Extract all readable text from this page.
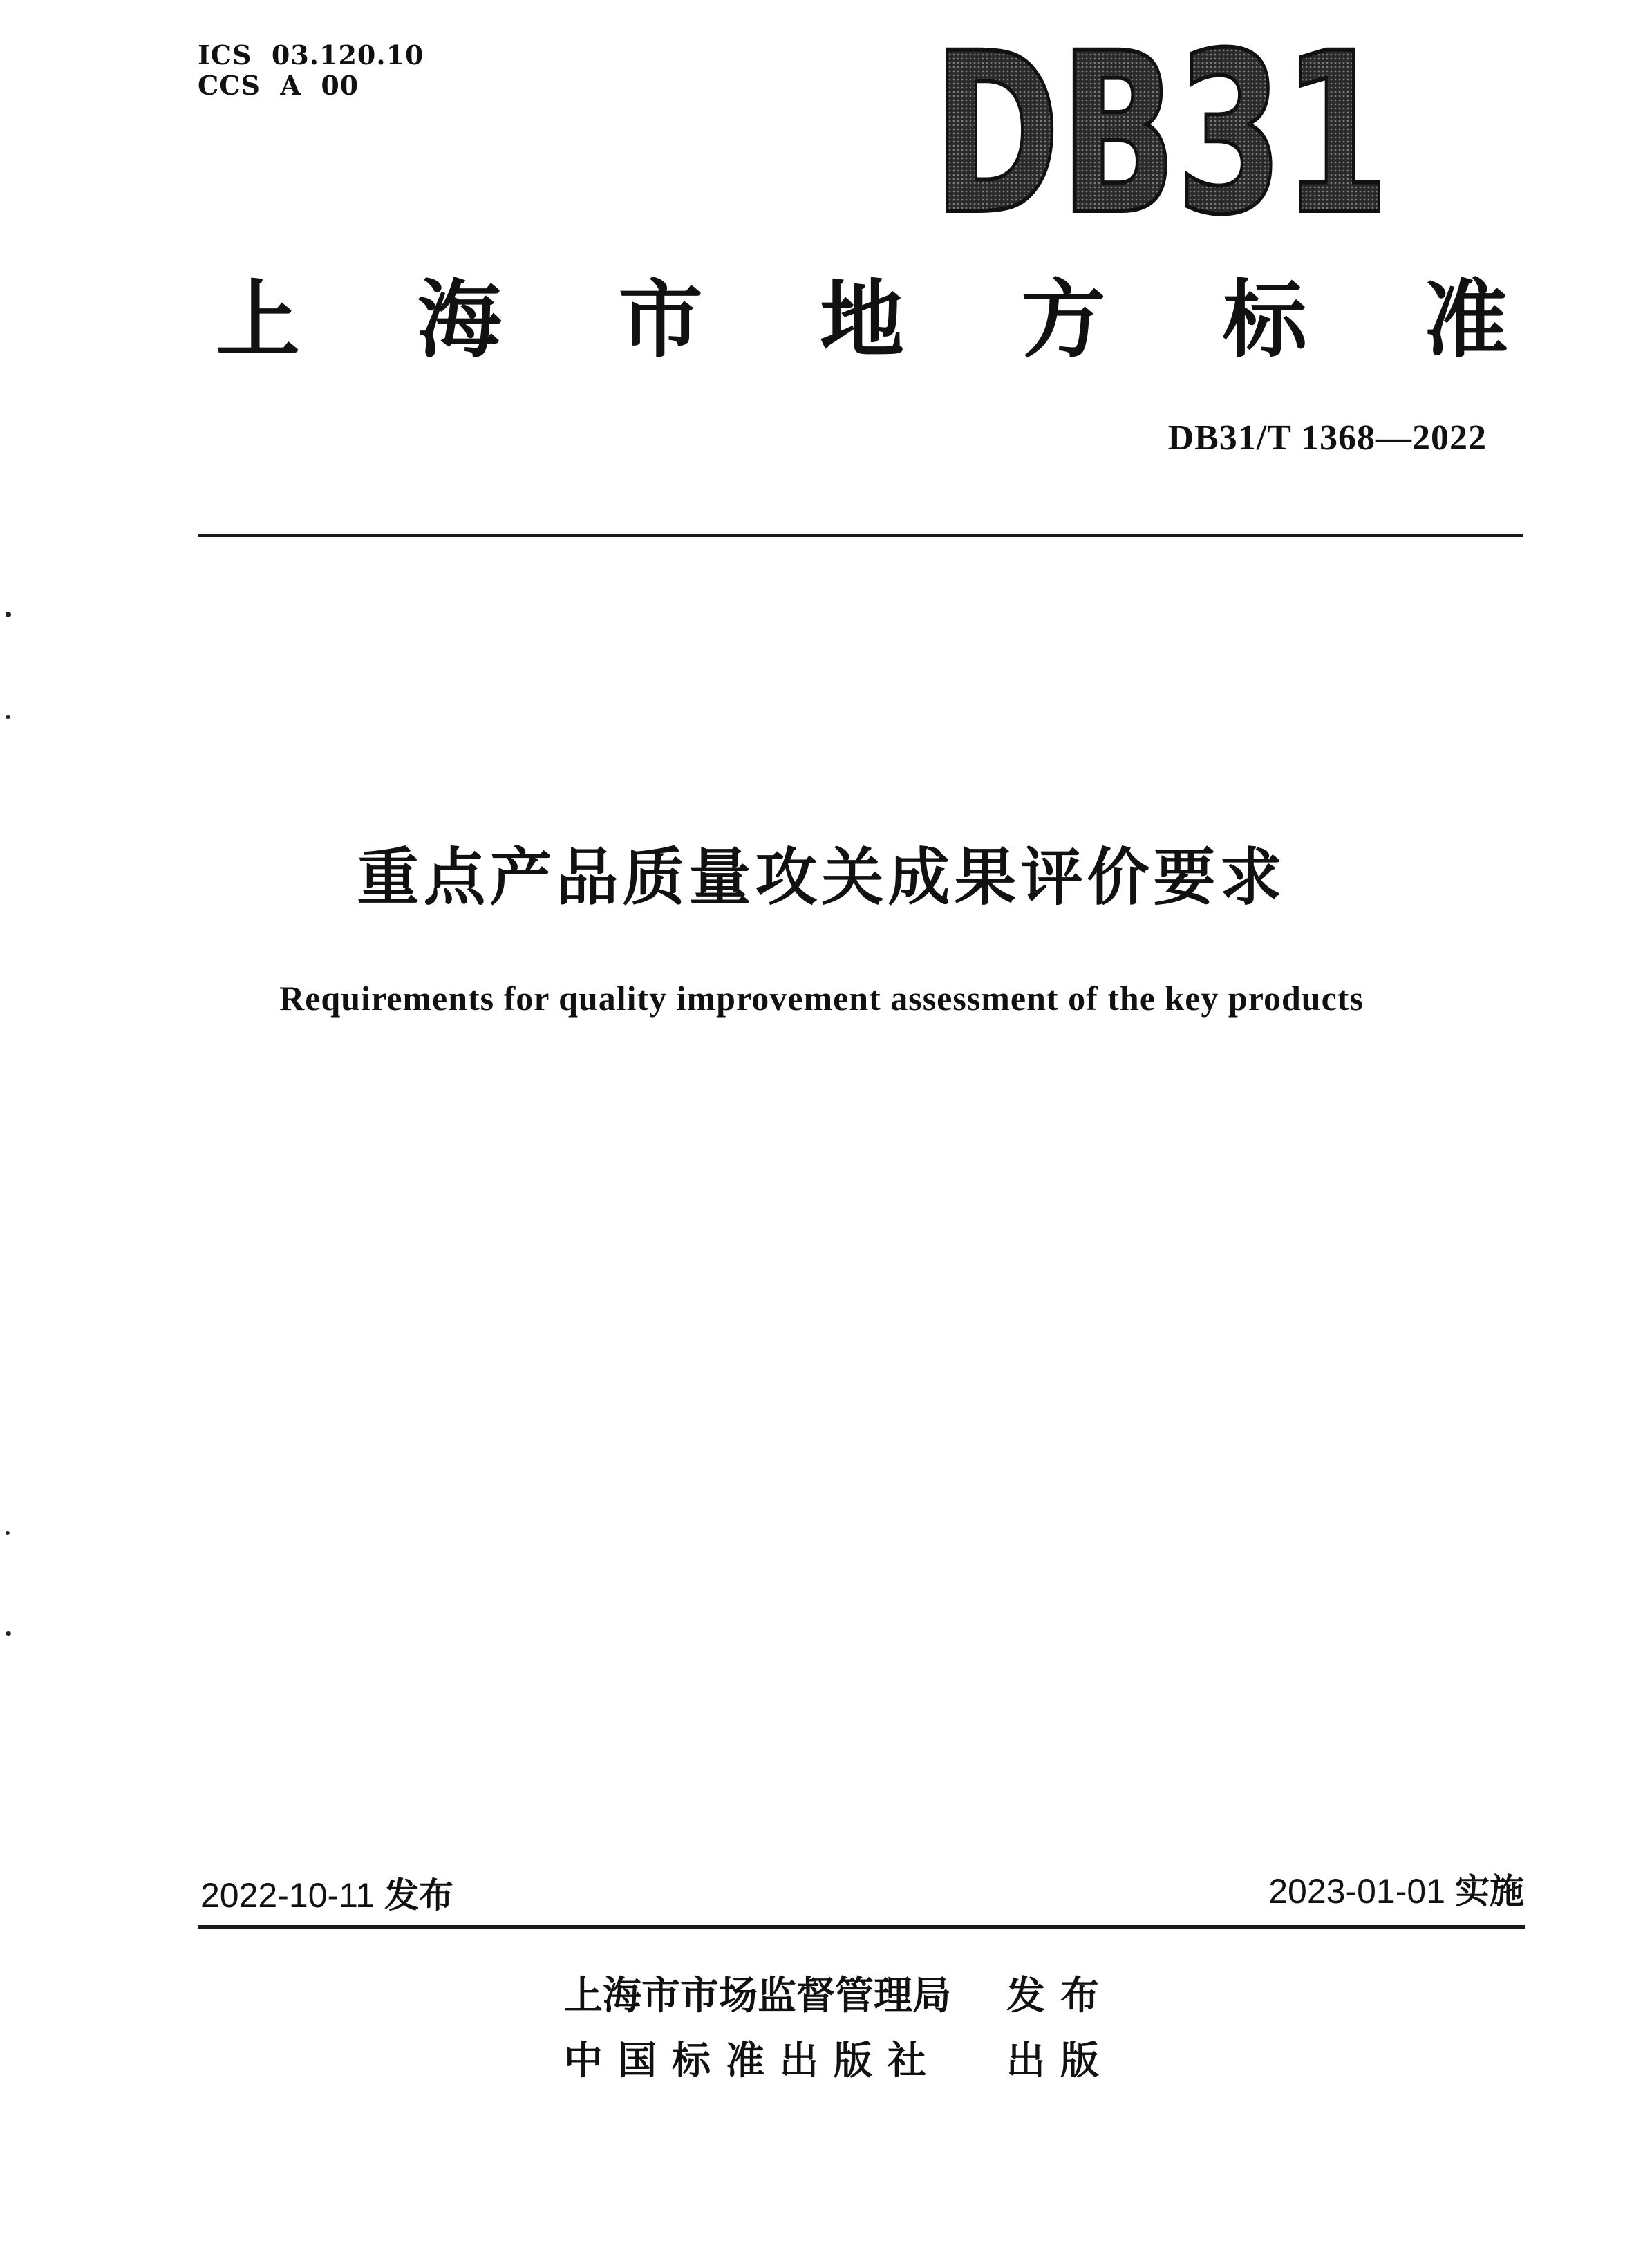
ICS  03.120.10
CCS  A  00	DB31
上 海 市 地 方 标 准
DB31/T 1368—2022
重点产品质量攻关成果评价要求
Requirements for quality improvement assessment of the key products
2022-10-11 发布	2023-01-01 实施
上海市市场监督管理局	发布
中国标准出版社	出版
